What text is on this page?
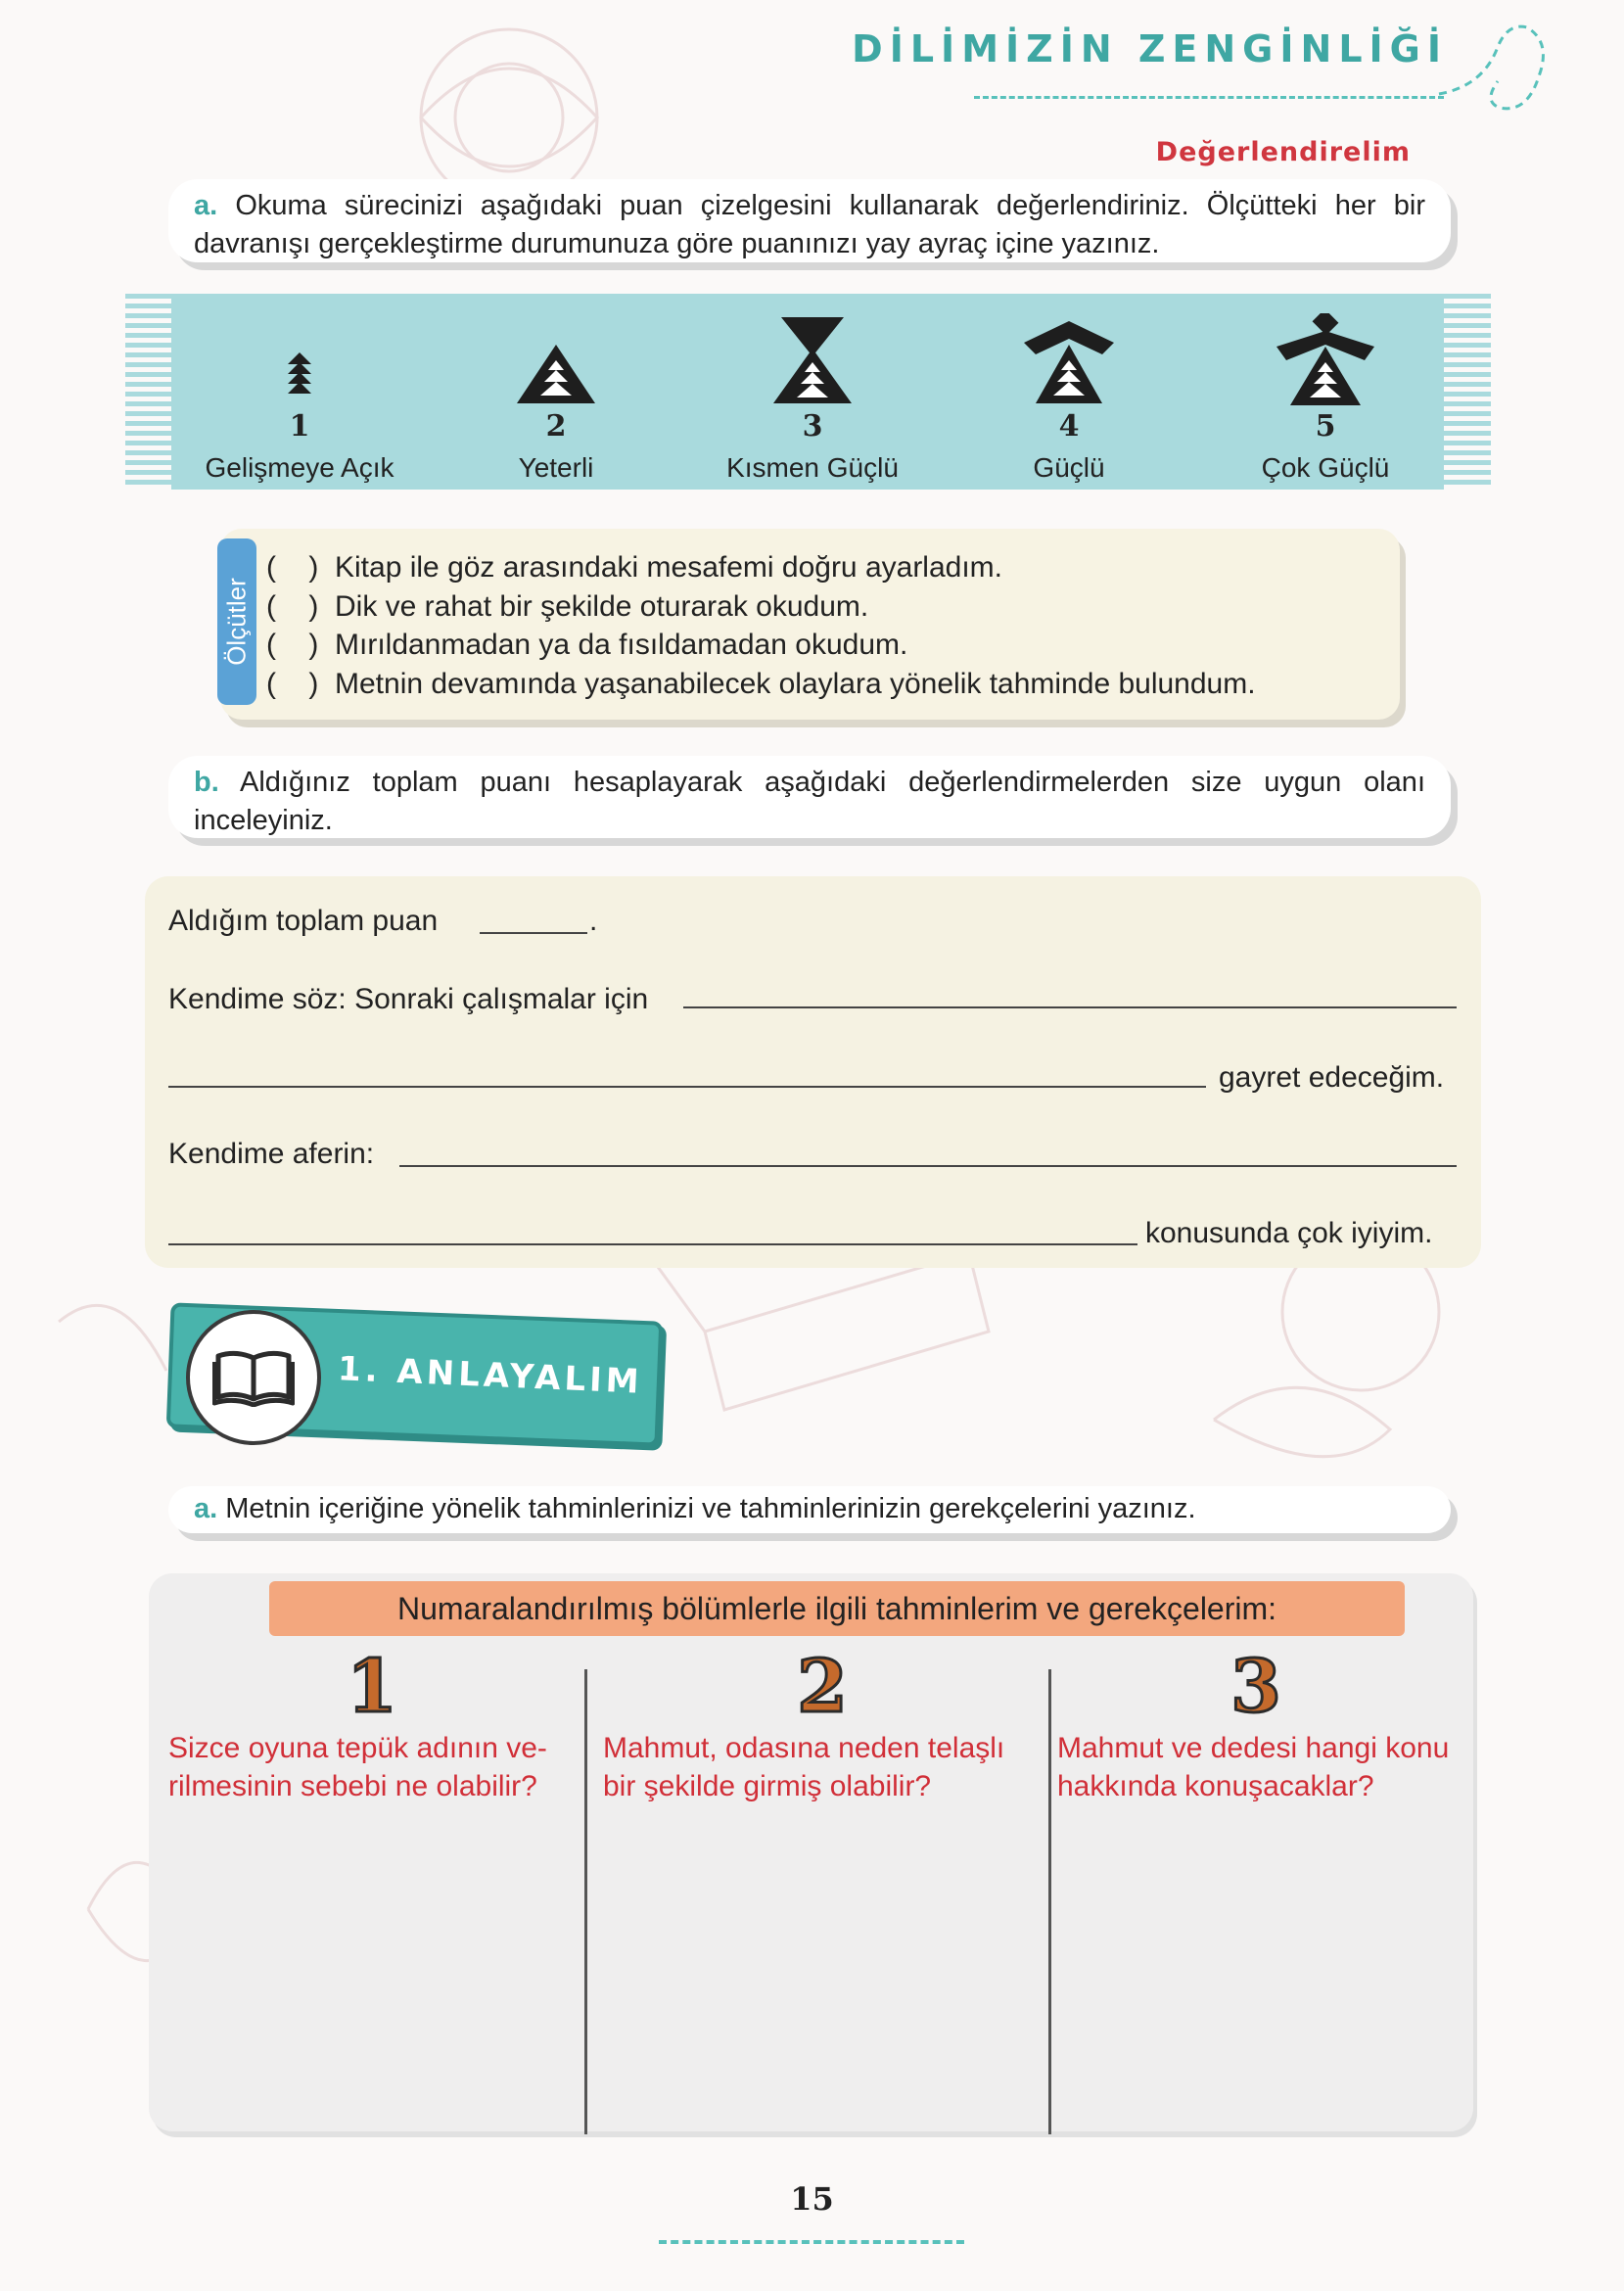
DİLİMİZİN ZENGİNLİĞİ
Değerlendirelim
a. Okuma sürecinizi aşağıdaki puan çizelgesini kullanarak değerlendiriniz. Ölçütteki her bir davranışı gerçekleştirme durumunuza göre puanınızı yay ayraç içine yazınız.
1	2	3	4	5
Gelişmeye Açık	Yeterli	Kısmen Güçlü	Güçlü	Çok Güçlü
Ölçütler
( ) Kitap ile göz arasındaki mesafemi doğru ayarladım.
( ) Dik ve rahat bir şekilde oturarak okudum.
( ) Mırıldanmadan ya da fısıldamadan okudum.
( ) Metnin devamında yaşanabilecek olaylara yönelik tahminde bulundum.
b. Aldığınız toplam puanı hesaplayarak aşağıdaki değerlendirmelerden size uygun olanı inceleyiniz.
Aldığım toplam puan	.
Kendime söz: Sonraki çalışmalar için
gayret edeceğim.
Kendime aferin:
konusunda çok iyiyim.
1. ANLAYALIM
a. Metnin içeriğine yönelik tahminlerinizi ve tahminlerinizin gerekçelerini yazınız.
Numaralandırılmış bölümlerle ilgili tahminlerim ve gerekçelerim:
1	2	3
Sizce oyuna tepük adının ve-rilmesinin sebebi ne olabilir?
Mahmut, odasına neden telaşlı bir şekilde girmiş olabilir?
Mahmut ve dedesi hangi konu hakkında konuşacaklar?
15
